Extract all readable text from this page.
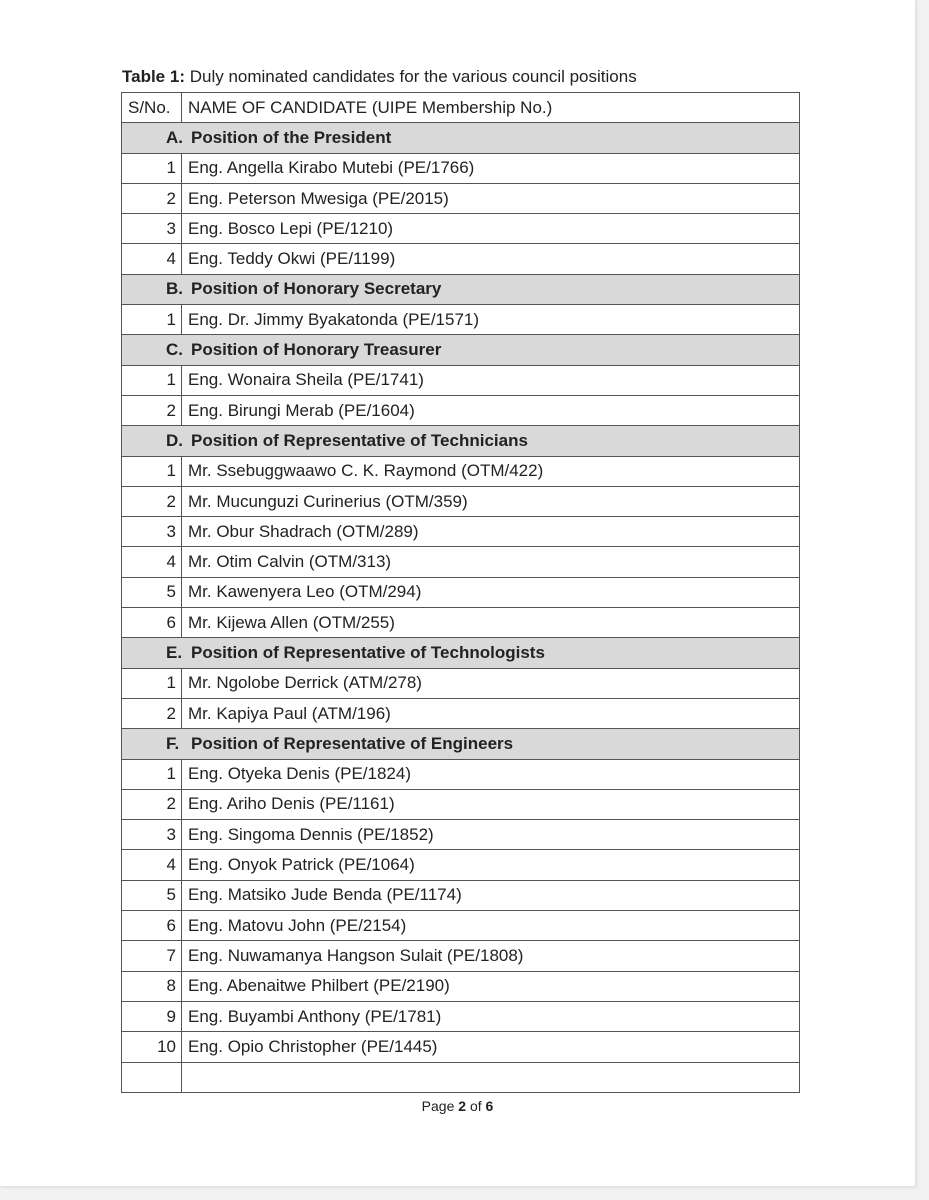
Table 1: Duly nominated candidates for the various council positions
S/No.	NAME OF CANDIDATE (UIPE Membership No.)
A. Position of the President	
1	Eng. Angella Kirabo Mutebi (PE/1766)
2	Eng. Peterson Mwesiga (PE/2015)
3	Eng. Bosco Lepi (PE/1210)
4	Eng. Teddy Okwi (PE/1199)
B. Position of Honorary Secretary	
1	Eng. Dr. Jimmy Byakatonda (PE/1571)
C. Position of Honorary Treasurer	
1	Eng. Wonaira Sheila (PE/1741)
2	Eng. Birungi Merab (PE/1604)
D. Position of Representative of Technicians	
1	Mr. Ssebuggwaawo C. K. Raymond (OTM/422)
2	Mr. Mucunguzi Curinerius (OTM/359)
3	Mr. Obur Shadrach (OTM/289)
4	Mr. Otim Calvin (OTM/313)
5	Mr. Kawenyera Leo (OTM/294)
6	Mr. Kijewa Allen (OTM/255)
E. Position of Representative of Technologists	
1	Mr. Ngolobe Derrick (ATM/278)
2	Mr. Kapiya Paul (ATM/196)
F. Position of Representative of Engineers	
1	Eng. Otyeka Denis (PE/1824)
2	Eng. Ariho Denis (PE/1161)
3	Eng. Singoma Dennis (PE/1852)
4	Eng. Onyok Patrick (PE/1064)
5	Eng. Matsiko Jude Benda (PE/1174)
6	Eng. Matovu John (PE/2154)
7	Eng. Nuwamanya Hangson Sulait (PE/1808)
8	Eng. Abenaitwe Philbert (PE/2190)
9	Eng. Buyambi Anthony (PE/1781)
10	Eng. Opio Christopher (PE/1445)

Page 2 of 6
